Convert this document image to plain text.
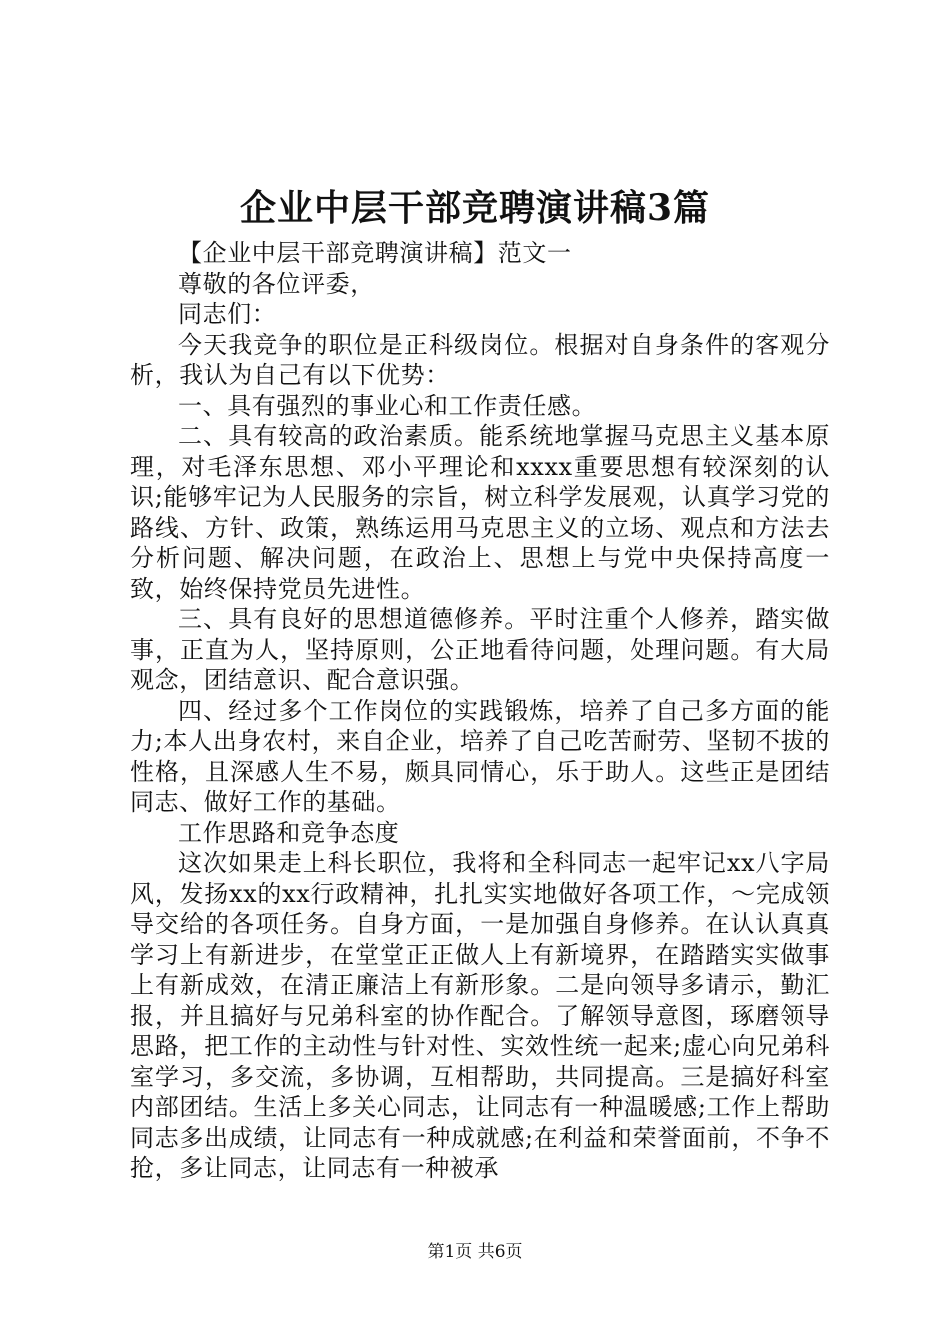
企业中层干部竞聘演讲稿3篇

【企业中层干部竞聘演讲稿】范文一

尊敬的各位评委，

同志们：

今天我竞争的职位是正科级岗位。根据对自身条件的客观分析，我认为自己有以下优势：

一、具有强烈的事业心和工作责任感。

二、具有较高的政治素质。能系统地掌握马克思主义基本原理，对毛泽东思想、邓小平理论和xxxx重要思想有较深刻的认识;能够牢记为人民服务的宗旨，树立科学发展观，认真学习党的路线、方针、政策，熟练运用马克思主义的立场、观点和方法去分析问题、解决问题，在政治上、思想上与党中央保持高度一致，始终保持党员先进性。

三、具有良好的思想道德修养。平时注重个人修养，踏实做事，正直为人，坚持原则，公正地看待问题，处理问题。有大局观念，团结意识、配合意识强。

四、经过多个工作岗位的实践锻炼，培养了自己多方面的能力;本人出身农村，来自企业，培养了自己吃苦耐劳、坚韧不拔的性格，且深感人生不易，颇具同情心，乐于助人。这些正是团结同志、做好工作的基础。

工作思路和竞争态度

这次如果走上科长职位，我将和全科同志一起牢记xx八字局风，发扬xx的xx行政精神，扎扎实实地做好各项工作，～完成领导交给的各项任务。自身方面，一是加强自身修养。在认认真真学习上有新进步，在堂堂正正做人上有新境界，在踏踏实实做事上有新成效，在清正廉洁上有新形象。二是向领导多请示，勤汇报，并且搞好与兄弟科室的协作配合。了解领导意图，琢磨领导思路，把工作的主动性与针对性、实效性统一起来;虚心向兄弟科室学习，多交流，多协调，互相帮助，共同提高。三是搞好科室内部团结。生活上多关心同志，让同志有一种温暖感;工作上帮助同志多出成绩，让同志有一种成就感;在利益和荣誉面前，不争不抢，多让同志，让同志有一种被承

第1页 共6页
